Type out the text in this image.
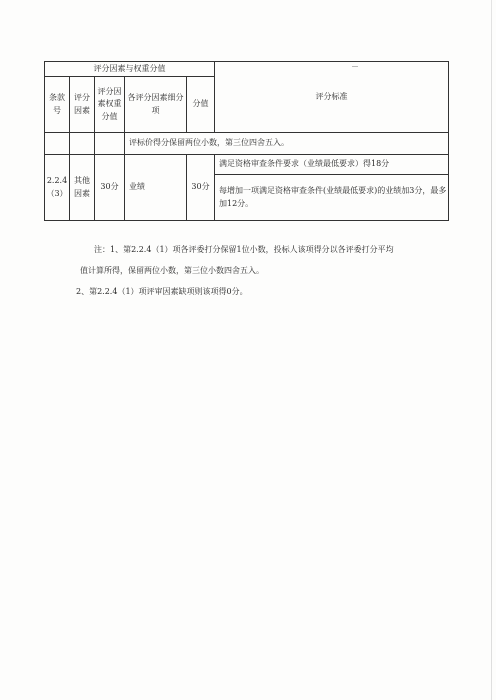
评分因素与权重分值					评分标准
条款号	评分因素	评分因素权重分值	各评分因素细分项	分值	
			评标价得分保留两位小数，第三位四舍五入。		
2.2.4（3）	其他因素	30分	业绩	30分	满足资格审查条件要求（业绩最低要求）得18分
					每增加一项满足资格审查条件(业绩最低要求)的业绩加3分，最多加12分。

注：1、第2.2.4（1）项各评委打分保留1位小数，投标人该项得分以各评委打分平均

值计算所得，保留两位小数，第三位小数四舍五入。

2、第2.2.4（1）项评审因素缺项则该项得0分。
